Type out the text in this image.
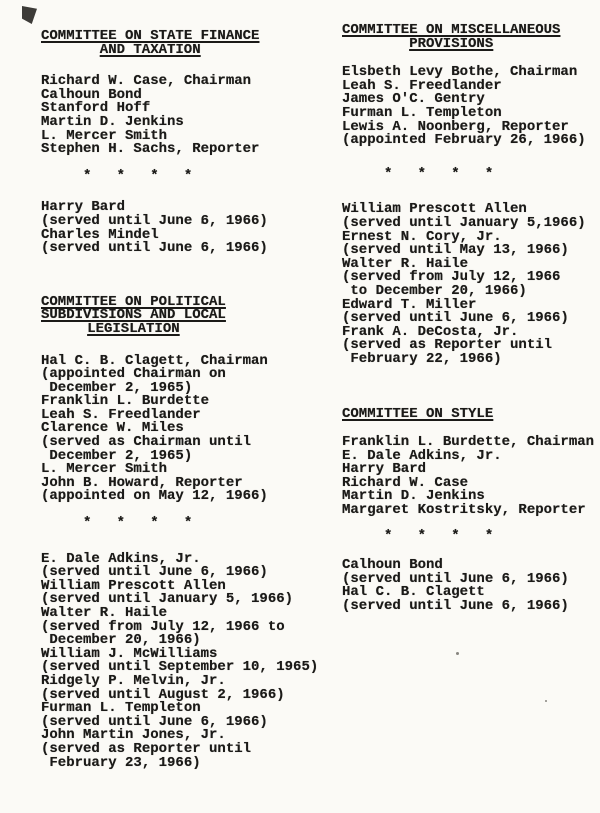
COMMITTEE ON STATE FINANCE
AND TAXATION
Richard W. Case, Chairman
Calhoun Bond
Stanford Hoff
Martin D. Jenkins
L. Mercer Smith
Stephen H. Sachs, Reporter
*   *   *   *
Harry Bard
(served until June 6, 1966)
Charles Mindel
(served until June 6, 1966)
COMMITTEE ON POLITICAL
SUBDIVISIONS AND LOCAL
LEGISLATION
Hal C. B. Clagett, Chairman
(appointed Chairman on
December 2, 1965)
Franklin L. Burdette
Leah S. Freedlander
Clarence W. Miles
(served as Chairman until
December 2, 1965)
L. Mercer Smith
John B. Howard, Reporter
(appointed on May 12, 1966)
*   *   *   *
E. Dale Adkins, Jr.
(served until June 6, 1966)
William Prescott Allen
(served until January 5, 1966)
Walter R. Haile
(served from July 12, 1966 to
December 20, 1966)
William J. McWilliams
(served until September 10, 1965)
Ridgely P. Melvin, Jr.
(served until August 2, 1966)
Furman L. Templeton
(served until June 6, 1966)
John Martin Jones, Jr.
(served as Reporter until
February 23, 1966)
COMMITTEE ON MISCELLANEOUS
PROVISIONS
Elsbeth Levy Bothe, Chairman
Leah S. Freedlander
James O'C. Gentry
Furman L. Templeton
Lewis A. Noonberg, Reporter
(appointed February 26, 1966)
*   *   *   *
William Prescott Allen
(served until January 5,1966)
Ernest N. Cory, Jr.
(served until May 13, 1966)
Walter R. Haile
(served from July 12, 1966
to December 20, 1966)
Edward T. Miller
(served until June 6, 1966)
Frank A. DeCosta, Jr.
(served as Reporter until
February 22, 1966)
COMMITTEE ON STYLE
Franklin L. Burdette, Chairman
E. Dale Adkins, Jr.
Harry Bard
Richard W. Case
Martin D. Jenkins
Margaret Kostritsky, Reporter
*   *   *   *
Calhoun Bond
(served until June 6, 1966)
Hal C. B. Clagett
(served until June 6, 1966)
